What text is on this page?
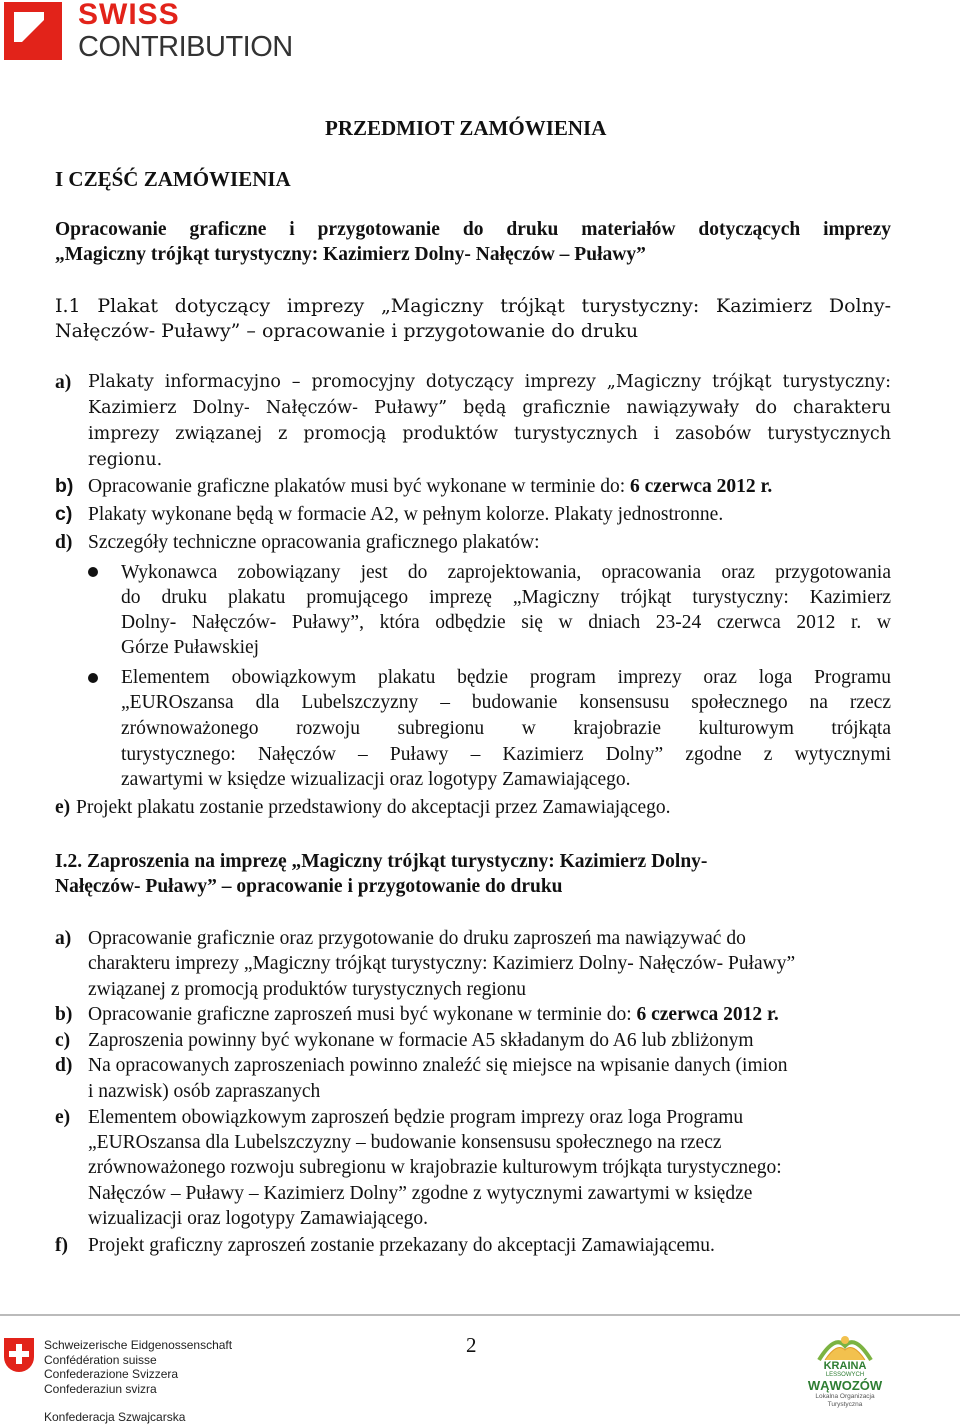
SWISS
CONTRIBUTION
PRZEDMIOT ZAMÓWIENIA
I CZĘŚĆ ZAMÓWIENIA
Opracowanie graficzne i przygotowanie do druku materiałów dotyczących imprezy
„Magiczny trójkąt turystyczny: Kazimierz Dolny- Nałęczów – Puławy”
I.1 Plakat dotyczący imprezy „Magiczny trójkąt turystyczny: Kazimierz Dolny-
Nałęczów- Puławy” – opracowanie i przygotowanie do druku
a) Plakaty informacyjno – promocyjny dotyczący imprezy „Magiczny trójkąt turystyczny:
Kazimierz Dolny- Nałęczów- Puławy” będą graficznie nawiązywały do charakteru
imprezy związanej z promocją produktów turystycznych i zasobów turystycznych
regionu.
b) Opracowanie graficzne plakatów musi być wykonane w terminie do: 6 czerwca 2012 r.
c) Plakaty wykonane będą w formacie A2, w pełnym kolorze. Plakaty jednostronne.
d) Szczegóły techniczne opracowania graficznego plakatów:
Wykonawca zobowiązany jest do zaprojektowania, opracowania oraz przygotowania
do druku plakatu promującego imprezę „Magiczny trójkąt turystyczny: Kazimierz
Dolny- Nałęczów- Puławy”, która odbędzie się w dniach 23-24 czerwca 2012 r. w
Górze Puławskiej
Elementem obowiązkowym plakatu będzie program imprezy oraz loga Programu
„EUROszansa dla Lubelszczyzny – budowanie konsensusu społecznego na rzecz
zrównoważonego rozwoju subregionu w krajobrazie kulturowym trójkąta
turystycznego: Nałęczów – Puławy – Kazimierz Dolny” zgodne z wytycznymi
zawartymi w księdze wizualizacji oraz logotypy Zamawiającego.
e) Projekt plakatu zostanie przedstawiony do akceptacji przez Zamawiającego.
I.2. Zaproszenia na imprezę „Magiczny trójkąt turystyczny: Kazimierz Dolny-
Nałęczów- Puławy” – opracowanie i przygotowanie do druku
a) Opracowanie graficznie oraz przygotowanie do druku zaproszeń ma nawiązywać do
charakteru imprezy „Magiczny trójkąt turystyczny: Kazimierz Dolny- Nałęczów- Puławy”
związanej z promocją produktów turystycznych regionu
b) Opracowanie graficzne zaproszeń musi być wykonane w terminie do: 6 czerwca 2012 r.
c) Zaproszenia powinny być wykonane w formacie A5 składanym do A6 lub zbliżonym
d) Na opracowanych zaproszeniach powinno znaleźć się miejsce na wpisanie danych (imion
i nazwisk) osób zapraszanych
e) Elementem obowiązkowym zaproszeń będzie program imprezy oraz loga Programu
„EUROszansa dla Lubelszczyzny – budowanie konsensusu społecznego na rzecz
zrównoważonego rozwoju subregionu w krajobrazie kulturowym trójkąta turystycznego:
Nałęczów – Puławy – Kazimierz Dolny” zgodne z wytycznymi zawartymi w księdze
wizualizacji oraz logotypy Zamawiającego.
f) Projekt graficzny zaproszeń zostanie przekazany do akceptacji Zamawiającemu.
2
Schweizerische Eidgenossenschaft
Confédération suisse
Confederazione Svizzera
Confederaziun svizra
Konfederacja Szwajcarska
KRAINA
LESSOWYCH
WĄWOZÓW
Lokalna Organizacja Turystyczna
